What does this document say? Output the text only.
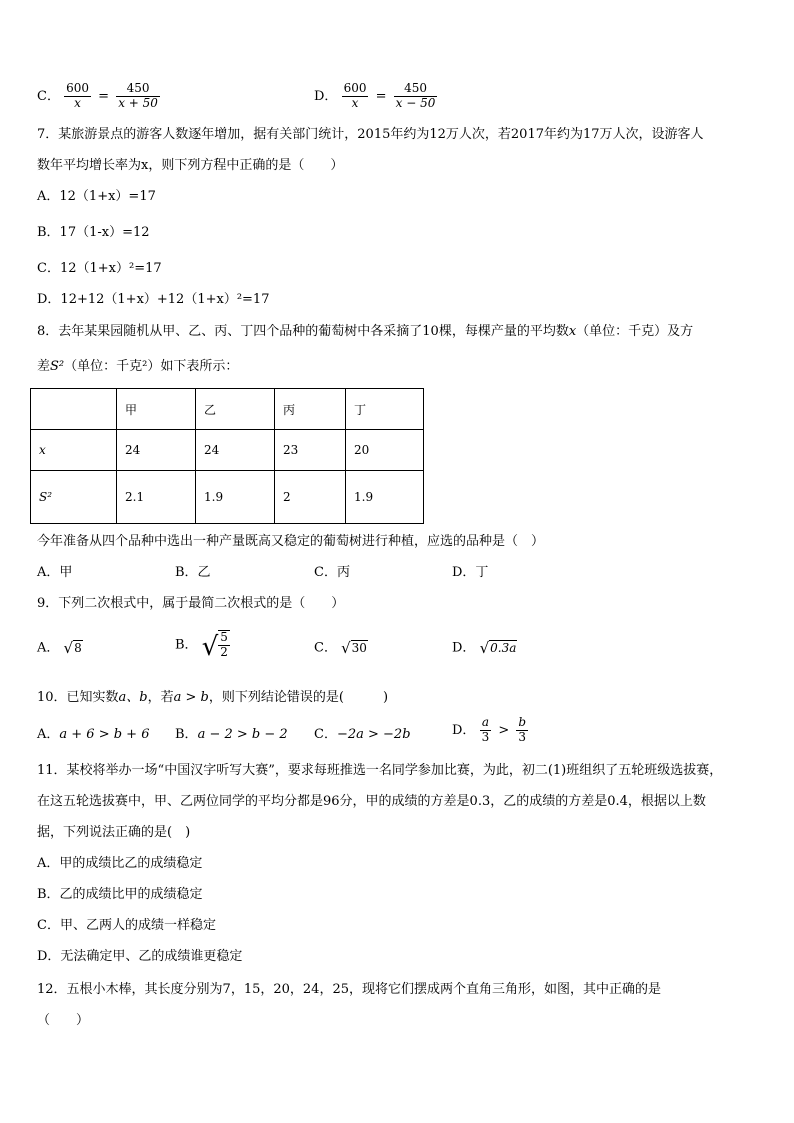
C． $\frac{600}{x} = \frac{450}{x + 50}$	D． $\frac{600}{x} = \frac{450}{x - 50}$
7．某旅游景点的游客人数逐年增加，据有关部门统计，2015年约为12万人次，若2017年约为17万人次，设游客人
数年平均增长率为x，则下列方程中正确的是（　　）
A．12（1+x）=17
B．17（1-x）=12
C．12（1+x）²=17
D．12+12（1+x）+12（1+x）²=17
8．去年某果园随机从甲、乙、丙、丁四个品种的葡萄树中各采摘了10棵，每棵产量的平均数x（单位：千克）及方
差S²（单位：千克²）如下表所示：
	甲	乙	丙	丁
x	24	24	23	20
S²	2.1	1.9	2	1.9
今年准备从四个品种中选出一种产量既高又稳定的葡萄树进行种植，应选的品种是（　）
A．甲	B．乙	C．丙	D．丁
9．下列二次根式中，属于最简二次根式的是（　　）
A． √8	B． √ $\frac{5}{2}$	C． √30	D． √0.3a
10．已知实数a、b，若a > b，则下列结论错误的是(　　　)
A．a + 6 > b + 6 B．a − 2 > b − 2 C．−2a > −2b	D． $\frac{a}{3} > \frac{b}{3}$
11．某校将举办一场“中国汉字听写大赛”，要求每班推选一名同学参加比赛，为此，初二(1)班组织了五轮班级选拔赛，
在这五轮选拔赛中，甲、乙两位同学的平均分都是96分，甲的成绩的方差是0.3，乙的成绩的方差是0.4，根据以上数
据，下列说法正确的是(　)
A．甲的成绩比乙的成绩稳定
B．乙的成绩比甲的成绩稳定
C．甲、乙两人的成绩一样稳定
D．无法确定甲、乙的成绩谁更稳定
12．五根小木棒，其长度分别为7，15，20，24，25，现将它们摆成两个直角三角形，如图，其中正确的是
（　　）
